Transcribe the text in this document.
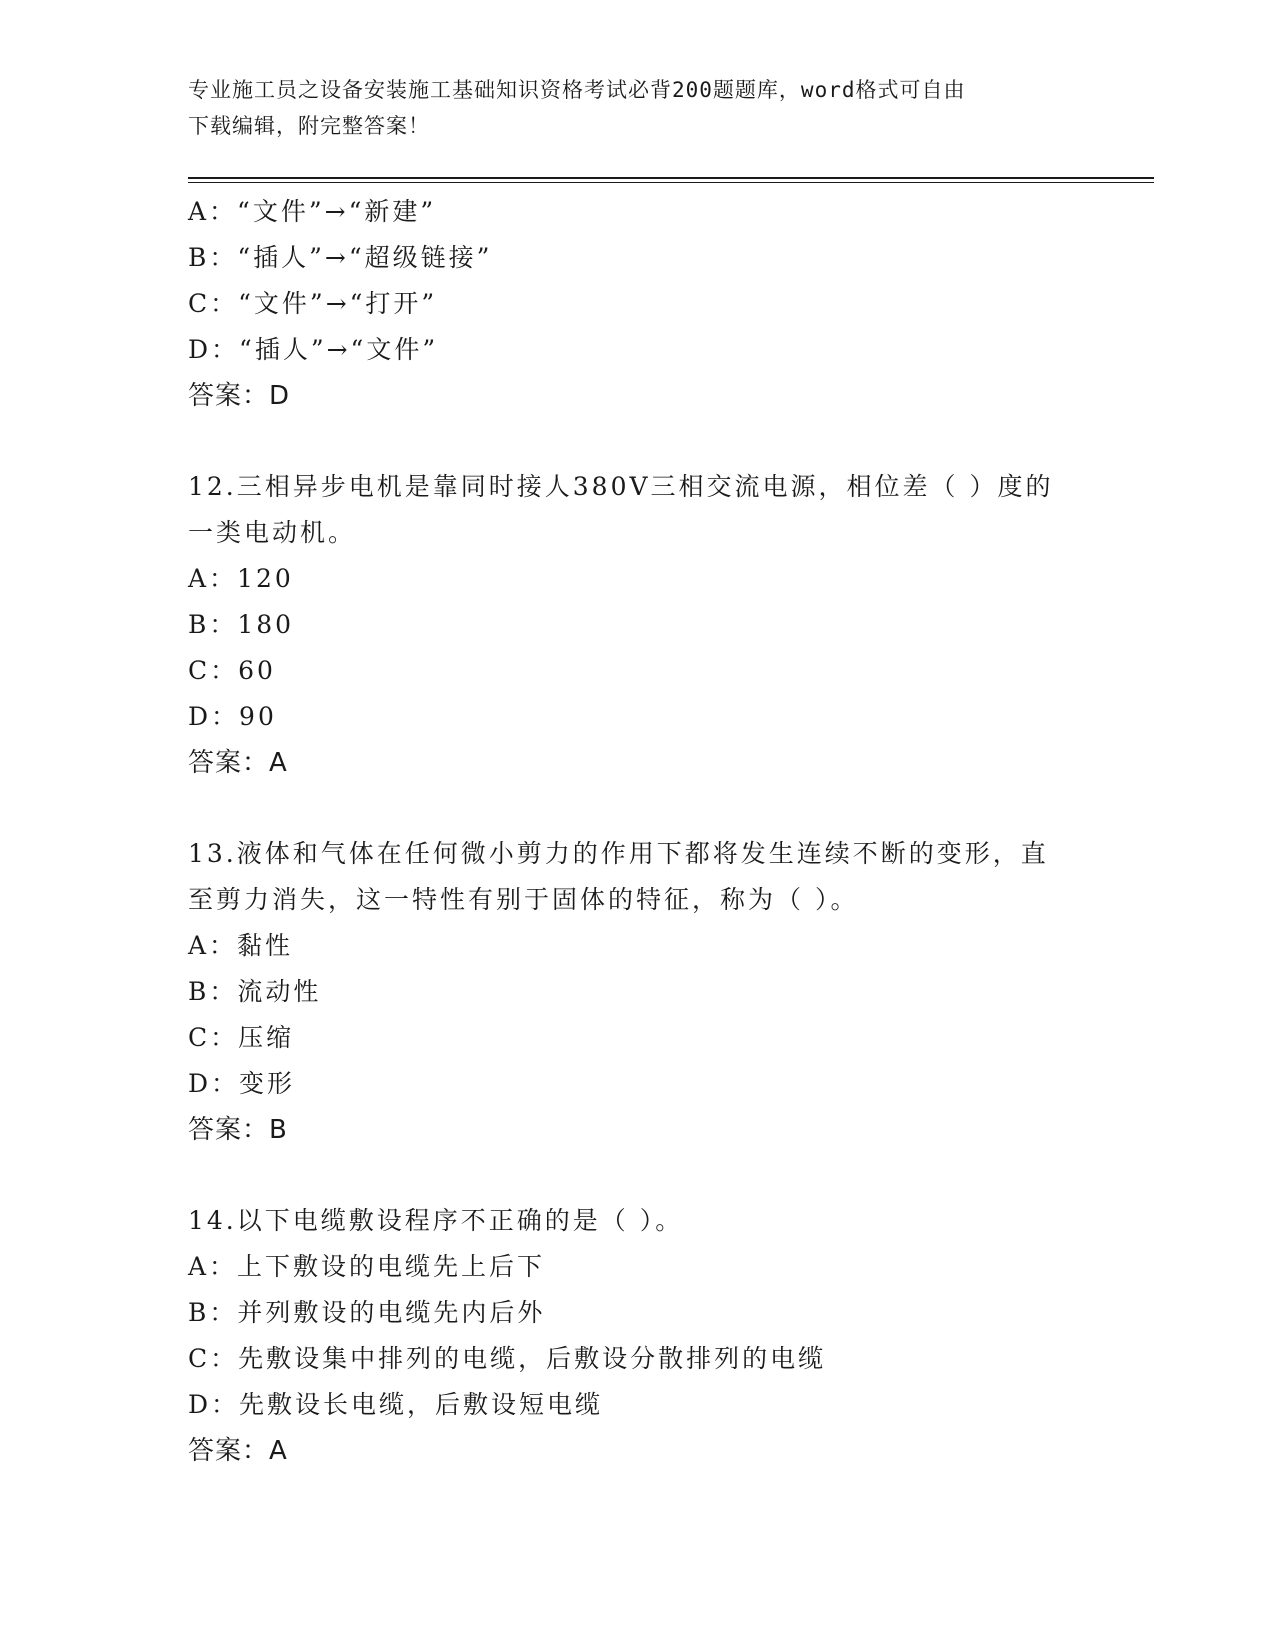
专业施工员之设备安装施工基础知识资格考试必背200题题库，word格式可自由
下载编辑，附完整答案！
A：“文件”→“新建”
B：“插人”→“超级链接”
C：“文件”→“打开”
D：“插人”→“文件”
答案：D
12.三相异步电机是靠同时接人380V三相交流电源，相位差（ ）度的
一类电动机。
A：120
B：180
C：60
D：90
答案：A
13.液体和气体在任何微小剪力的作用下都将发生连续不断的变形，直
至剪力消失，这一特性有别于固体的特征，称为（ ）。
A：黏性
B：流动性
C：压缩
D：变形
答案：B
14.以下电缆敷设程序不正确的是（ ）。
A：上下敷设的电缆先上后下
B：并列敷设的电缆先内后外
C：先敷设集中排列的电缆，后敷设分散排列的电缆
D：先敷设长电缆，后敷设短电缆
答案：A
